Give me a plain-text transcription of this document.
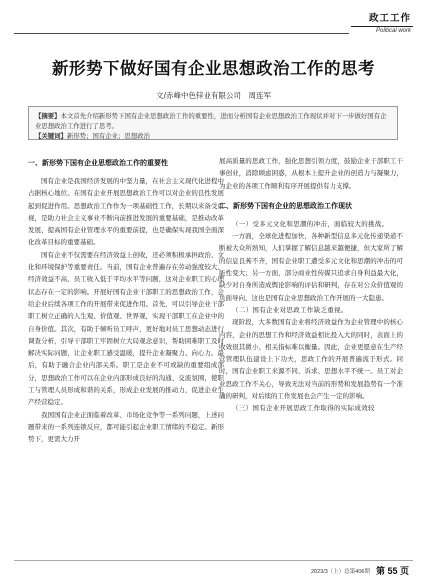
政工工作
Political work
新形势下做好国有企业思想政治工作的思考
文/赤峰中色锌业有限公司　周连军
【摘要】本文首先介绍新形势下国有企业思想政治工作的重要性，进而分析国有企业思想政治工作现状并对下一步做好国有企业思想政治工作进行了思考。
【关键词】新形势；国有企业；思想政治
一、新形势下国有企业思想政治工作的重要性

国有企业是我国经济发展的中坚力量，在社会主义现代化进程中占据核心地位。在国有企业开展思想政治工作可以对企业的良性发展起到促进作用。思想政治工作作为一项基础性工作，长期以来备受重视，是助力社会主义事业不断向前推进发展的重要基础，是推动改革发展、提高国有企业管理水平的重要前提，也是确保实现我国全面深化改革目标的重要基础。

国有企业不仅需要在经济效益上创收，还必须积极承担政治、文化和环境保护等重要责任。当前，国有企业普遍存在劳动强度较大、经济效益不高、员工收入低于平均水平等问题，这对企业职工的心理状态存在一定的影响。开展好国有企业干部职工的思想政治工作，会给企业后续各项工作的开展带来促进作用。首先，可以引导企业干部职工树立正确的人生观、价值观、世界观，实现干部职工在企业中的自身价值。其次，有助于倾听员工呼声，更好地对员工思想动态进行调查分析，引导干部职工牢固树立大局观念意识，帮助困难职工及时解决实际问题，让企业职工感受温暖，提升企业凝聚力、向心力。最后，有助于融合企业内部关系。职工是企业不可或缺的重要组成部分，思想政治工作可以在企业内部形成良好的沟通、交流氛围，使职工与管理人员形成和谐的关系，形成企业发展的推动力，促进企业生产经营稳定。

我国国有企业正面临着改革、市场化竞争等一系列问题，上述问题带来的一系列连锁反应，都可能引起企业职工情绪的不稳定。新形势下，更需大力开

展高质量的思政工作，强化思想引领力度，鼓励企业干部职工干事创业，消除顾虑困惑，从根本上提升企业的创造力与凝聚力，为企业的各项工作顺利有序开展提供有力支撑。

二、新形势下国有企业的思想政治工作现状
（一）受多元文化和思潮的冲击，面临较大的挑战。

一方面，全球化进程加快，各种新型信息多元化传递渠道不断被大众所熟知，人们掌握了解信息越来越便捷，但大家所了解的信息良莠不齐，国有企业职工遭受多元文化和思潮的冲击的可能性变大；另一方面，部分商业性传媒只追求自身利益最大化，缺少对自身所造成舆论影响的评估和研判，存在对公众价值观的负面导向，这也是国有企业思想政治工作开展的一大隐患。

（二）国有企业对思政工作缺乏重视。

现阶段，大多数国有企业将经济效益作为企业管理中的核心内容，企业的思想工作和经济效益相比投入大的同时，表面上的收效很其微小、相关指标难以衡量。因此，企业更愿意在生产经营管理队伍建设上下功夫，思政工作的开展普遍流于形式。同时，国有企业职工来源不同、诉求、思想水平不统一。员工对企业思政工作不关心，导致无法对当前的形势和发展趋势有一个准确的研判，对后续的工作发展也会产生一定的影响。

（三）国有企业开展思政工作取得的实际成效较
2023/3（上）总第406期 第 55 页
